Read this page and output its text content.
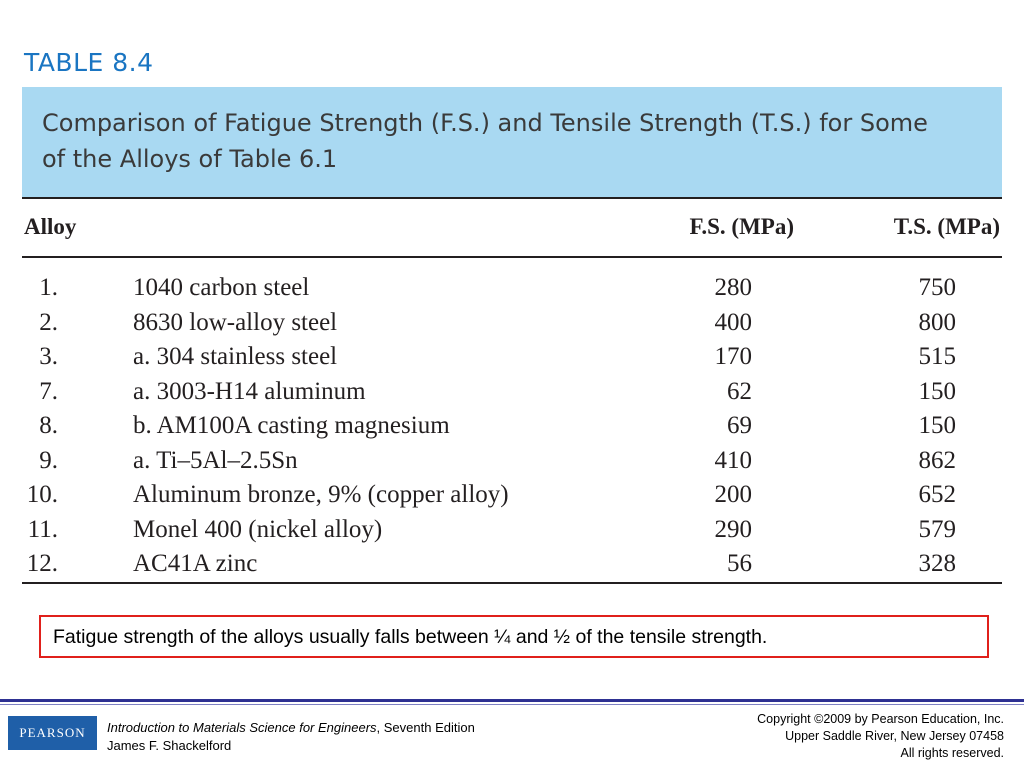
TABLE 8.4
Comparison of Fatigue Strength (F.S.) and Tensile Strength (T.S.) for Some
of the Alloys of Table 6.1
Alloy	F.S. (MPa)	T.S. (MPa)
1.	1040 carbon steel	280	750
2.	8630 low-alloy steel	400	800
3.	a. 304 stainless steel	170	515
7.	a. 3003-H14 aluminum	62	150
8.	b. AM100A casting magnesium	69	150
9.	a. Ti–5Al–2.5Sn	410	862
10.	Aluminum bronze, 9% (copper alloy)	200	652
11.	Monel 400 (nickel alloy)	290	579
12.	AC41A zinc	56	328
Fatigue strength of the alloys usually falls between ¼ and ½ of the tensile strength.
PEARSON	Introduction to Materials Science for Engineers, Seventh Edition
James F. Shackelford
Copyright ©2009 by Pearson Education, Inc.
Upper Saddle River, New Jersey 07458
All rights reserved.
